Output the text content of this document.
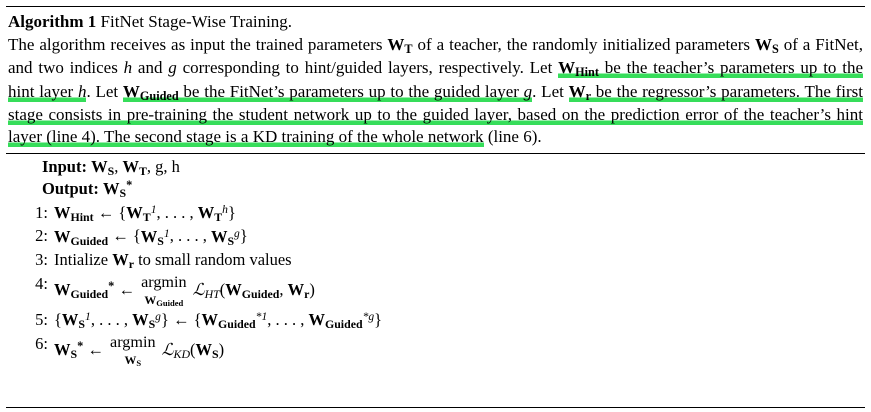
Algorithm 1 FitNet Stage-Wise Training.
The algorithm receives as input the trained parameters $W_T$ of a teacher, the randomly initialized parameters $W_S$ of a FitNet, and two indices h and g corresponding to hint/guided layers, respectively. Let $W_{Hint}$ be the teacher’s parameters up to the hint layer h. Let $W_{Guided}$ be the FitNet’s parameters up to the guided layer g. Let $W_r$ be the regressor’s parameters. The first stage consists in pre-training the student network up to the guided layer, based on the prediction error of the teacher’s hint layer (line 4). The second stage is a KD training of the whole network (line 6).
Input: $W_S$, $W_T$, g, h
Output: $W_S^*$
1: $W_{Hint}$ ← {$W_T^1$, . . . , $W_T^h$}
2: $W_{Guided}$ ← {$W_S^1$, . . . , $W_S^g$}
3: Intialize $W_r$ to small random values
4: $W_{Guided}^*$ ← argmin
$W_{Guided}$ $ℒHT(W_{Guided}$, $W_r$)
5: {$W_S^1$, . . . , $W_S^g$} ← {$W_{Guided}^{*1}$, . . . , $W_{Guided}^{*g}$}
6: $W_S^*$ ← argmin
$W_S$ $ℒKD(W_S)$
